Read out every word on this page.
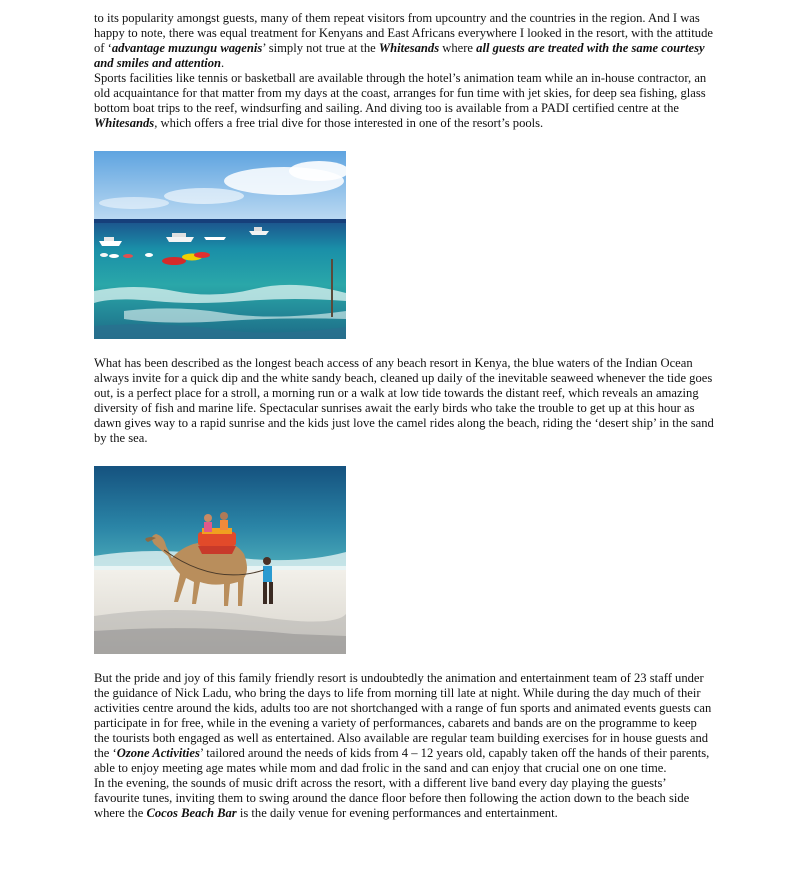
to its popularity amongst guests, many of them repeat visitors from upcountry and the countries in the region. And I was happy to note, there was equal treatment for Kenyans and East Africans everywhere I looked in the resort, with the attitude of ‘advantage muzungu wagenis’ simply not true at the Whitesands where all guests are treated with the same courtesy and smiles and attention.

Sports facilities like tennis or basketball are available through the hotel’s animation team while an in-house contractor, an old acquaintance for that matter from my days at the coast, arranges for fun time with jet skies, for deep sea fishing, glass bottom boat trips to the reef, windsurfing and sailing. And diving too is available from a PADI certified centre at the Whitesands, which offers a free trial dive for those interested in one of the resort’s pools.

What has been described as the longest beach access of any beach resort in Kenya, the blue waters of the Indian Ocean always invite for a quick dip and the white sandy beach, cleaned up daily of the inevitable seaweed whenever the tide goes out, is a perfect place for a stroll, a morning run or a walk at low tide towards the distant reef, which reveals an amazing diversity of fish and marine life. Spectacular sunrises await the early birds who take the trouble to get up at this hour as dawn gives way to a rapid sunrise and the kids just love the camel rides along the beach, riding the ‘desert ship’ in the sand by the sea.

But the pride and joy of this family friendly resort is undoubtedly the animation and entertainment team of 23 staff under the guidance of Nick Ladu, who bring the days to life from morning till late at night. While during the day much of their activities centre around the kids, adults too are not shortchanged with a range of fun sports and animated events guests can participate in for free, while in the evening a variety of performances, cabarets and bands are on the programme to keep the tourists both engaged as well as entertained. Also available are regular team building exercises for in house guests and the ‘Ozone Activities’ tailored around the needs of kids from 4 – 12 years old, capably taken off the hands of their parents, able to enjoy meeting age mates while mom and dad frolic in the sand and can enjoy that crucial one on one time.

In the evening, the sounds of music drift across the resort, with a different live band every day playing the guests’ favourite tunes, inviting them to swing around the dance floor before then following the action down to the beach side where the Cocos Beach Bar is the daily venue for evening performances and entertainment.
